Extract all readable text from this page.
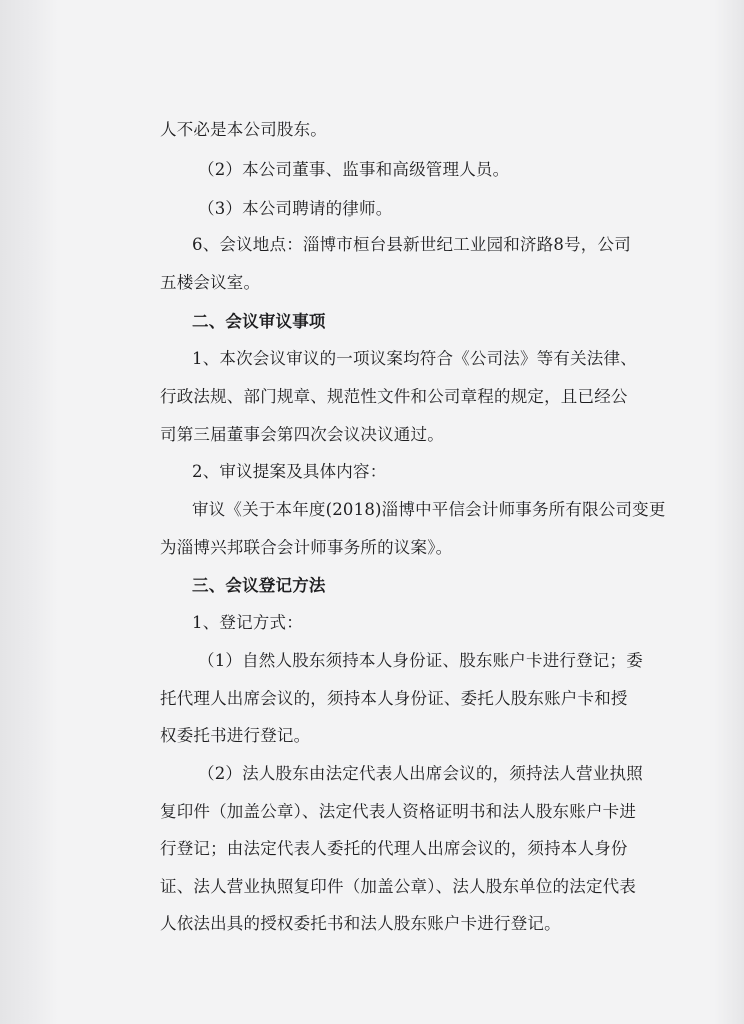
人不必是本公司股东。
（2）本公司董事、监事和高级管理人员。
（3）本公司聘请的律师。
6、会议地点：淄博市桓台县新世纪工业园和济路8号，公司
五楼会议室。
二、会议审议事项
1、本次会议审议的一项议案均符合《公司法》等有关法律、
行政法规、部门规章、规范性文件和公司章程的规定，且已经公
司第三届董事会第四次会议决议通过。
2、审议提案及具体内容：
审议《关于本年度(2018)淄博中平信会计师事务所有限公司变更
为淄博兴邦联合会计师事务所的议案》。
三、会议登记方法
1、登记方式：
（1）自然人股东须持本人身份证、股东账户卡进行登记；委
托代理人出席会议的，须持本人身份证、委托人股东账户卡和授
权委托书进行登记。
（2）法人股东由法定代表人出席会议的，须持法人营业执照
复印件（加盖公章）、法定代表人资格证明书和法人股东账户卡进
行登记；由法定代表人委托的代理人出席会议的，须持本人身份
证、法人营业执照复印件（加盖公章）、法人股东单位的法定代表
人依法出具的授权委托书和法人股东账户卡进行登记。
